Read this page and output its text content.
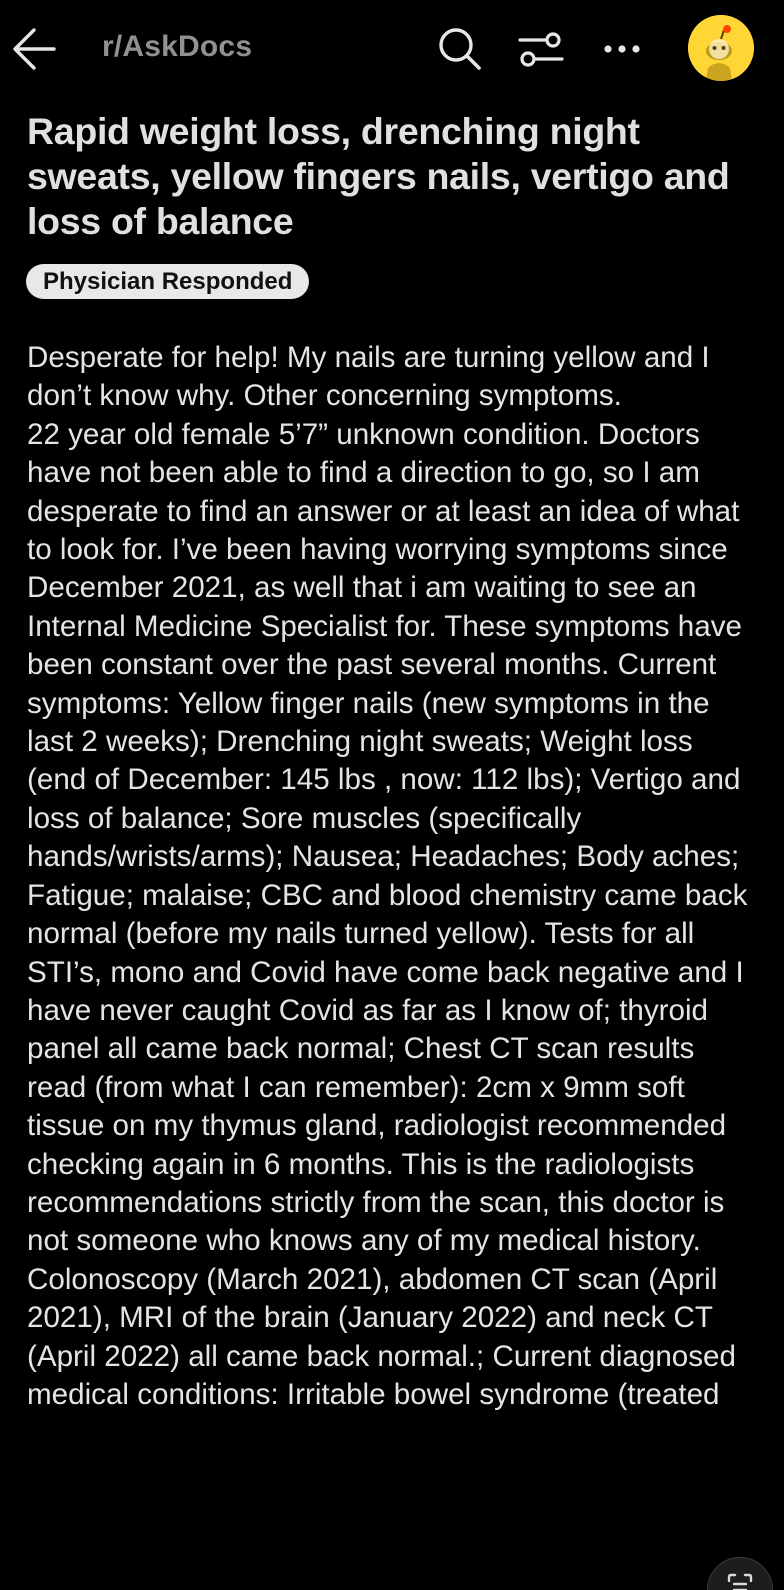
r/AskDocs
Rapid weight loss, drenching night sweats, yellow fingers nails, vertigo and loss of balance
Physician Responded
Desperate for help! My nails are turning yellow and I don’t know why. Other concerning symptoms.
22 year old female 5’7” unknown condition. Doctors have not been able to find a direction to go, so I am desperate to find an answer or at least an idea of what to look for. I’ve been having worrying symptoms since December 2021, as well that i am waiting to see an Internal Medicine Specialist for. These symptoms have been constant over the past several months. Current symptoms: Yellow finger nails (new symptoms in the last 2 weeks); Drenching night sweats; Weight loss (end of December: 145 lbs , now: 112 lbs); Vertigo and loss of balance; Sore muscles (specifically hands/wrists/arms); Nausea; Headaches; Body aches; Fatigue; malaise; CBC and blood chemistry came back normal (before my nails turned yellow). Tests for all STI’s, mono and Covid have come back negative and I have never caught Covid as far as I know of; thyroid panel all came back normal; Chest CT scan results read (from what I can remember): 2cm x 9mm soft tissue on my thymus gland, radiologist recommended checking again in 6 months. This is the radiologists recommendations strictly from the scan, this doctor is not someone who knows any of my medical history. Colonoscopy (March 2021), abdomen CT scan (April 2021), MRI of the brain (January 2022) and neck CT (April 2022) all came back normal.; Current diagnosed medical conditions: Irritable bowel syndrome (treated
